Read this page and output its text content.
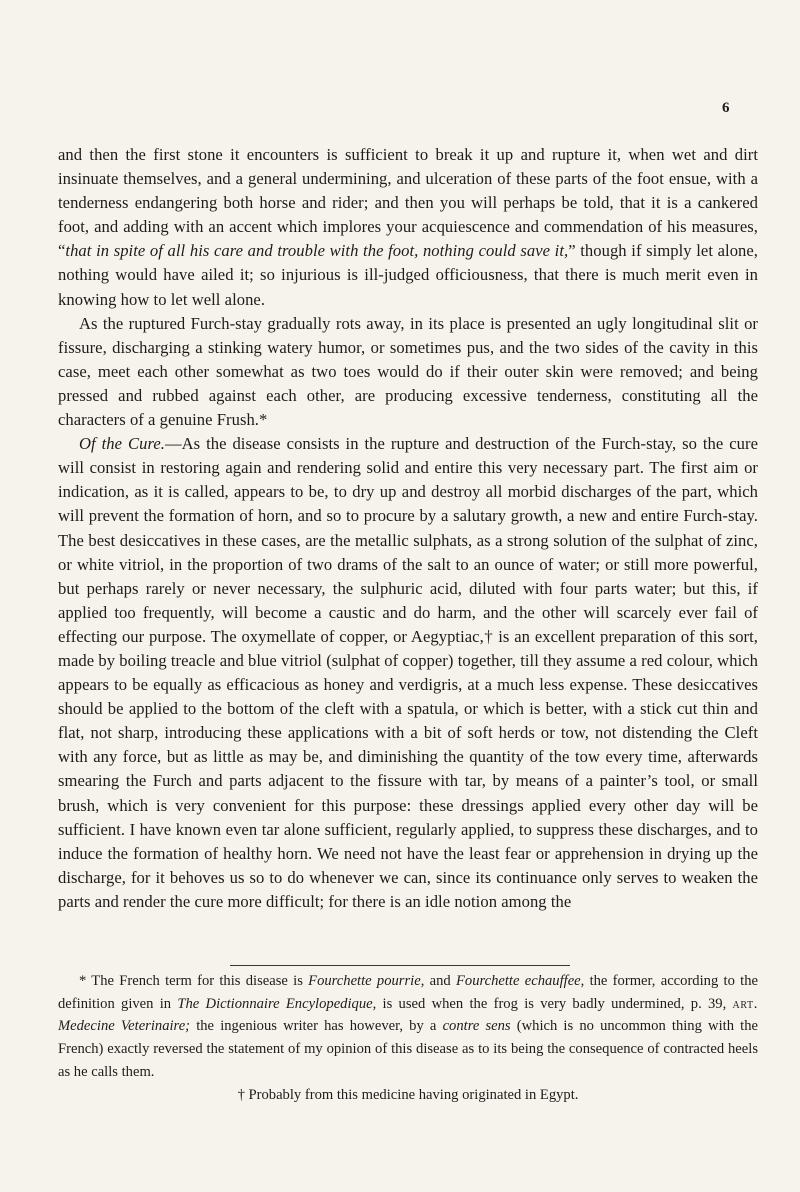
6

and then the first stone it encounters is sufficient to break it up and rupture it, when wet and dirt insinuate themselves, and a general undermining, and ulceration of these parts of the foot ensue, with a tenderness endangering both horse and rider; and then you will perhaps be told, that it is a cankered foot, and adding with an accent which implores your acquiescence and commendation of his measures, “that in spite of all his care and trouble with the foot, nothing could save it,” though if simply let alone, nothing would have ailed it; so injurious is ill-judged officiousness, that there is much merit even in knowing how to let well alone.

As the ruptured Furch-stay gradually rots away, in its place is presented an ugly longitudinal slit or fissure, discharging a stinking watery humor, or sometimes pus, and the two sides of the cavity in this case, meet each other somewhat as two toes would do if their outer skin were removed; and being pressed and rubbed against each other, are producing excessive tenderness, constituting all the characters of a genuine Frush.*

Of the Cure.—As the disease consists in the rupture and destruction of the Furch-stay, so the cure will consist in restoring again and rendering solid and entire this very necessary part. The first aim or indication, as it is called, appears to be, to dry up and destroy all morbid discharges of the part, which will prevent the formation of horn, and so to procure by a salutary growth, a new and entire Furch-stay. The best desiccatives in these cases, are the metallic sulphats, as a strong solution of the sulphat of zinc, or white vitriol, in the proportion of two drams of the salt to an ounce of water; or still more powerful, but perhaps rarely or never necessary, the sulphuric acid, diluted with four parts water; but this, if applied too frequently, will become a caustic and do harm, and the other will scarcely ever fail of effecting our purpose. The oxymellate of copper, or Aegyptiac,† is an excellent preparation of this sort, made by boiling treacle and blue vitriol (sulphat of copper) together, till they assume a red colour, which appears to be equally as efficacious as honey and verdigris, at a much less expense. These desiccatives should be applied to the bottom of the cleft with a spatula, or which is better, with a stick cut thin and flat, not sharp, introducing these applications with a bit of soft herds or tow, not distending the Cleft with any force, but as little as may be, and diminishing the quantity of the tow every time, afterwards smearing the Furch and parts adjacent to the fissure with tar, by means of a painter’s tool, or small brush, which is very convenient for this purpose: these dressings applied every other day will be sufficient. I have known even tar alone sufficient, regularly applied, to suppress these discharges, and to induce the formation of healthy horn. We need not have the least fear or apprehension in drying up the discharge, for it behoves us so to do whenever we can, since its continuance only serves to weaken the parts and render the cure more difficult; for there is an idle notion among the

* The French term for this disease is Fourchette pourrie, and Fourchette echauffee, the former, according to the definition given in The Dictionnaire Encylopedique, is used when the frog is very badly undermined, p. 39, art. Medecine Veterinaire; the ingenious writer has however, by a contre sens (which is no uncommon thing with the French) exactly reversed the statement of my opinion of this disease as to its being the consequence of contracted heels as he calls them.

† Probably from this medicine having originated in Egypt.
